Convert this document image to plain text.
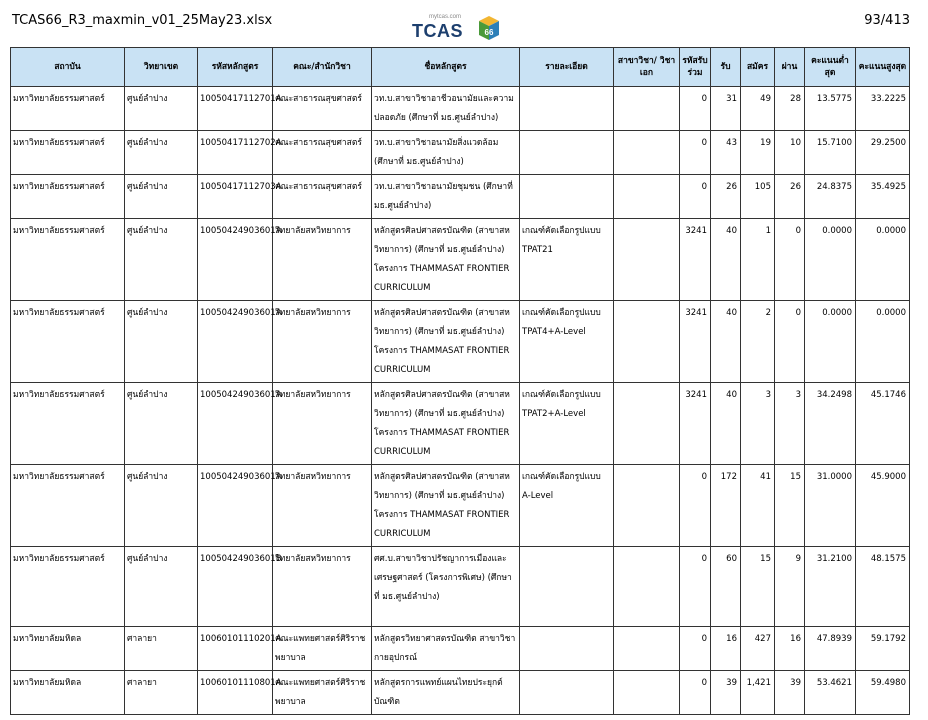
TCAS66_R3_maxmin_v01_25May23.xlsx	mytcas.com
TCAS	66
93/413
สถาบัน	วิทยาเขต	รหัสหลักสูตร	คณะ/สำนักวิชา	ชื่อหลักสูตร	รายละเอียด	สาขาวิชา/ วิชาเอก	รหัสรับ ร่วม	รับ	สมัคร	ผ่าน	คะแนนต่ำสุด	คะแนนสูงสุด
มหาวิทยาลัยธรรมศาสตร์	ศูนย์ลำปาง	10050417112701A	คณะสาธารณสุขศาสตร์	วท.บ.สาขาวิชาอาชีวอนามัยและความปลอดภัย (ศึกษาที่ มธ.ศูนย์ลำปาง)			0	31	49	28	13.5775	33.2225
มหาวิทยาลัยธรรมศาสตร์	ศูนย์ลำปาง	10050417112702A	คณะสาธารณสุขศาสตร์	วท.บ.สาขาวิชาอนามัยสิ่งแวดล้อม (ศึกษาที่ มธ.ศูนย์ลำปาง)			0	43	19	10	15.7100	29.2500
มหาวิทยาลัยธรรมศาสตร์	ศูนย์ลำปาง	10050417112703A	คณะสาธารณสุขศาสตร์	วท.บ.สาขาวิชาอนามัยชุมชน (ศึกษาที่ มธ.ศูนย์ลำปาง)			0	26	105	26	24.8375	35.4925
มหาวิทยาลัยธรรมศาสตร์	ศูนย์ลำปาง	10050424903601A	วิทยาลัยสหวิทยาการ	หลักสูตรศิลปศาสตรบัณฑิต (สาขาสหวิทยาการ) (ศึกษาที่ มธ.ศูนย์ลำปาง) โครงการ THAMMASAT FRONTIER CURRICULUM	เกณฑ์คัดเลือกรูปแบบ TPAT21		3241	40	1	0	0.0000	0.0000
มหาวิทยาลัยธรรมศาสตร์	ศูนย์ลำปาง	10050424903601A	วิทยาลัยสหวิทยาการ	หลักสูตรศิลปศาสตรบัณฑิต (สาขาสหวิทยาการ) (ศึกษาที่ มธ.ศูนย์ลำปาง) โครงการ THAMMASAT FRONTIER CURRICULUM	เกณฑ์คัดเลือกรูปแบบ TPAT4+A-Level		3241	40	2	0	0.0000	0.0000
มหาวิทยาลัยธรรมศาสตร์	ศูนย์ลำปาง	10050424903601A	วิทยาลัยสหวิทยาการ	หลักสูตรศิลปศาสตรบัณฑิต (สาขาสหวิทยาการ) (ศึกษาที่ มธ.ศูนย์ลำปาง) โครงการ THAMMASAT FRONTIER CURRICULUM	เกณฑ์คัดเลือกรูปแบบ TPAT2+A-Level		3241	40	3	3	34.2498	45.1746
มหาวิทยาลัยธรรมศาสตร์	ศูนย์ลำปาง	10050424903601A	วิทยาลัยสหวิทยาการ	หลักสูตรศิลปศาสตรบัณฑิต (สาขาสหวิทยาการ) (ศึกษาที่ มธ.ศูนย์ลำปาง) โครงการ THAMMASAT FRONTIER CURRICULUM	เกณฑ์คัดเลือกรูปแบบ A-Level		0	172	41	15	31.0000	45.9000
มหาวิทยาลัยธรรมศาสตร์	ศูนย์ลำปาง	10050424903601B	วิทยาลัยสหวิทยาการ	ศศ.บ.สาขาวิชาปรัชญาการเมืองและเศรษฐศาสตร์ (โครงการพิเศษ) (ศึกษาที่ มธ.ศูนย์ลำปาง)			0	60	15	9	31.2100	48.1575
มหาวิทยาลัยมหิดล	ศาลายา	10060101110201A	คณะแพทยศาสตร์ศิริราชพยาบาล	หลักสูตรวิทยาศาสตรบัณฑิต สาขาวิชากายอุปกรณ์			0	16	427	16	47.8939	59.1792
มหาวิทยาลัยมหิดล	ศาลายา	10060101110801A	คณะแพทยศาสตร์ศิริราชพยาบาล	หลักสูตรการแพทย์แผนไทยประยุกต์บัณฑิต			0	39	1,421	39	53.4621	59.4980
